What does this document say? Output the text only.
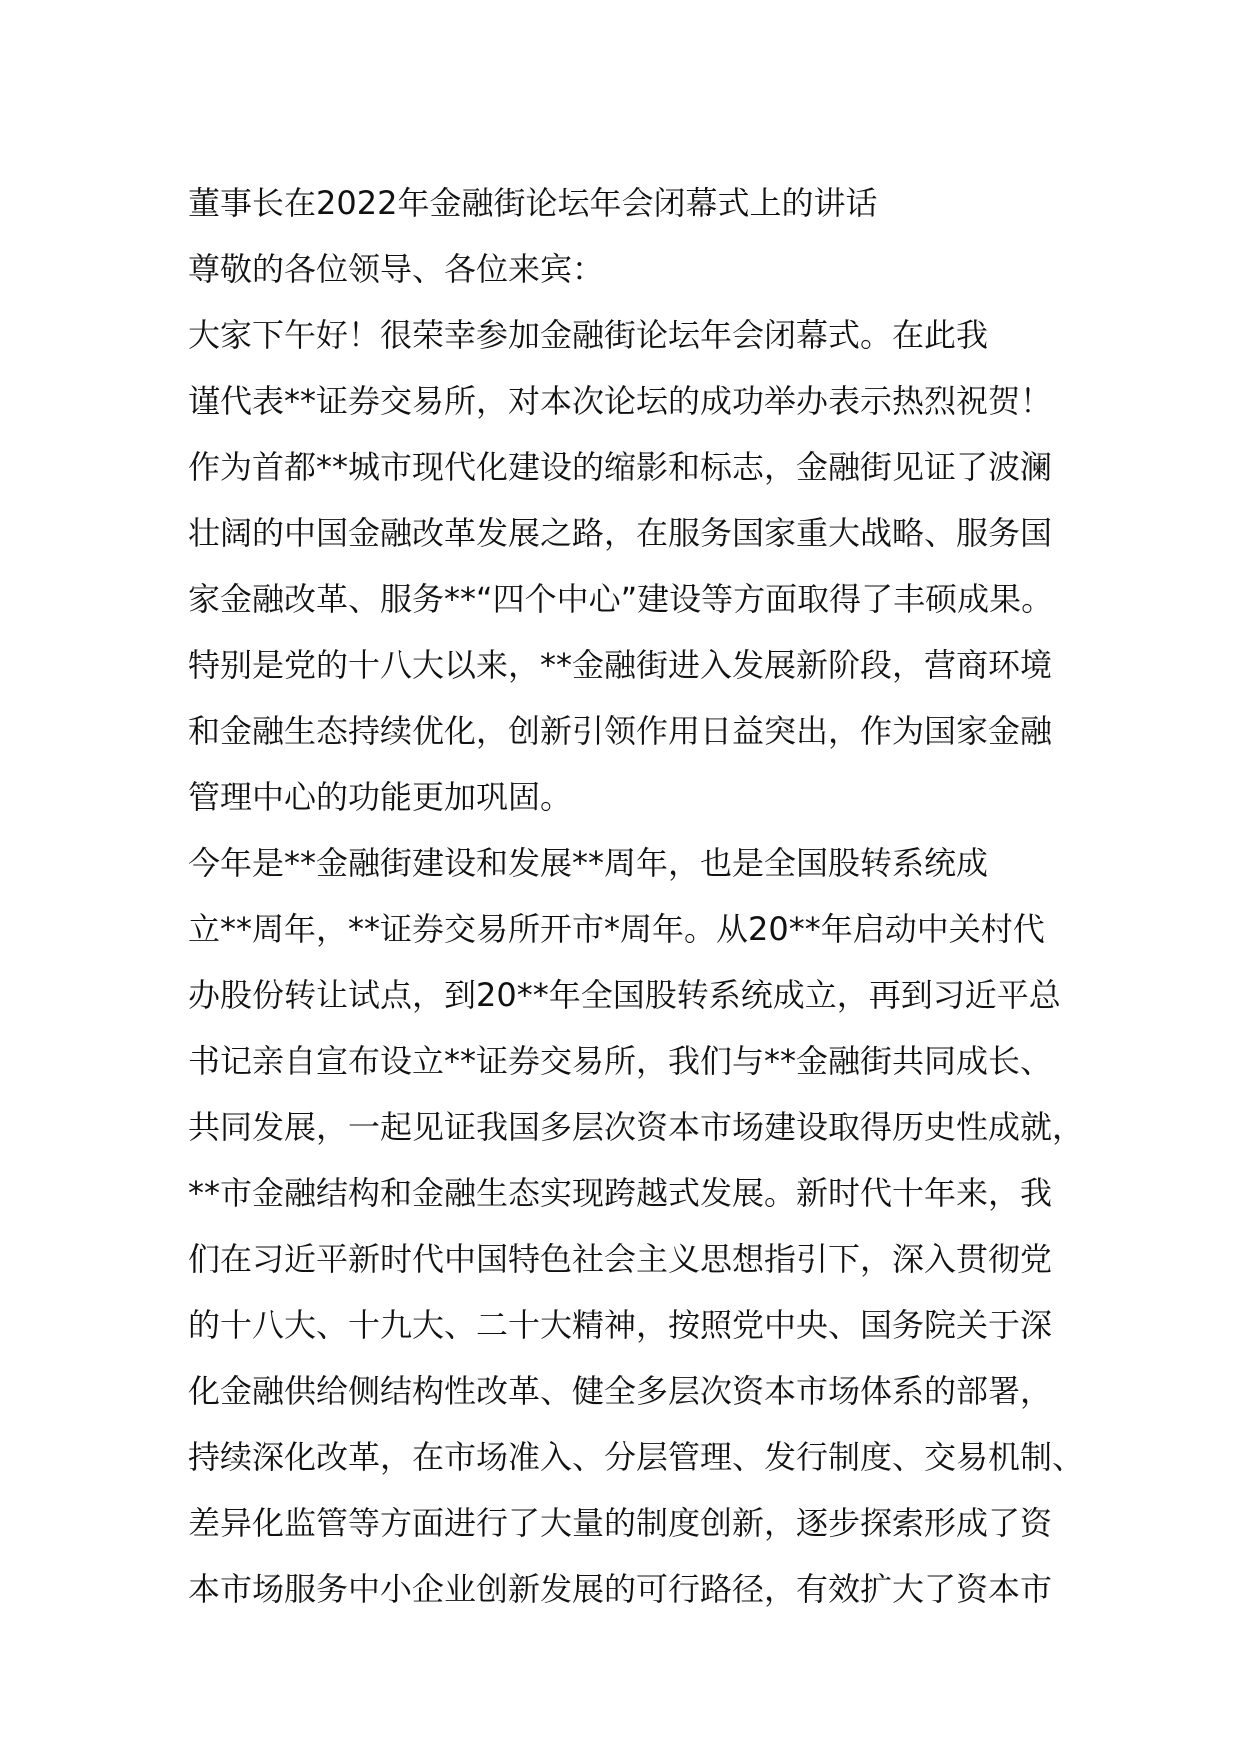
董事长在2022年金融街论坛年会闭幕式上的讲话

尊敬的各位领导、各位来宾：

大家下午好！很荣幸参加金融街论坛年会闭幕式。在此我

谨代表**证券交易所，对本次论坛的成功举办表示热烈祝贺！

作为首都**城市现代化建设的缩影和标志，金融街见证了波澜

壮阔的中国金融改革发展之路，在服务国家重大战略、服务国

家金融改革、服务**“四个中心”建设等方面取得了丰硕成果。

特别是党的十八大以来，**金融街进入发展新阶段，营商环境

和金融生态持续优化，创新引领作用日益突出，作为国家金融

管理中心的功能更加巩固。

今年是**金融街建设和发展**周年，也是全国股转系统成

立**周年，**证券交易所开市*周年。从20**年启动中关村代

办股份转让试点，到20**年全国股转系统成立，再到习近平总

书记亲自宣布设立**证券交易所，我们与**金融街共同成长、

共同发展，一起见证我国多层次资本市场建设取得历史性成就，

**市金融结构和金融生态实现跨越式发展。新时代十年来，我

们在习近平新时代中国特色社会主义思想指引下，深入贯彻党

的十八大、十九大、二十大精神，按照党中央、国务院关于深

化金融供给侧结构性改革、健全多层次资本市场体系的部署，

持续深化改革，在市场准入、分层管理、发行制度、交易机制、

差异化监管等方面进行了大量的制度创新，逐步探索形成了资

本市场服务中小企业创新发展的可行路径，有效扩大了资本市
